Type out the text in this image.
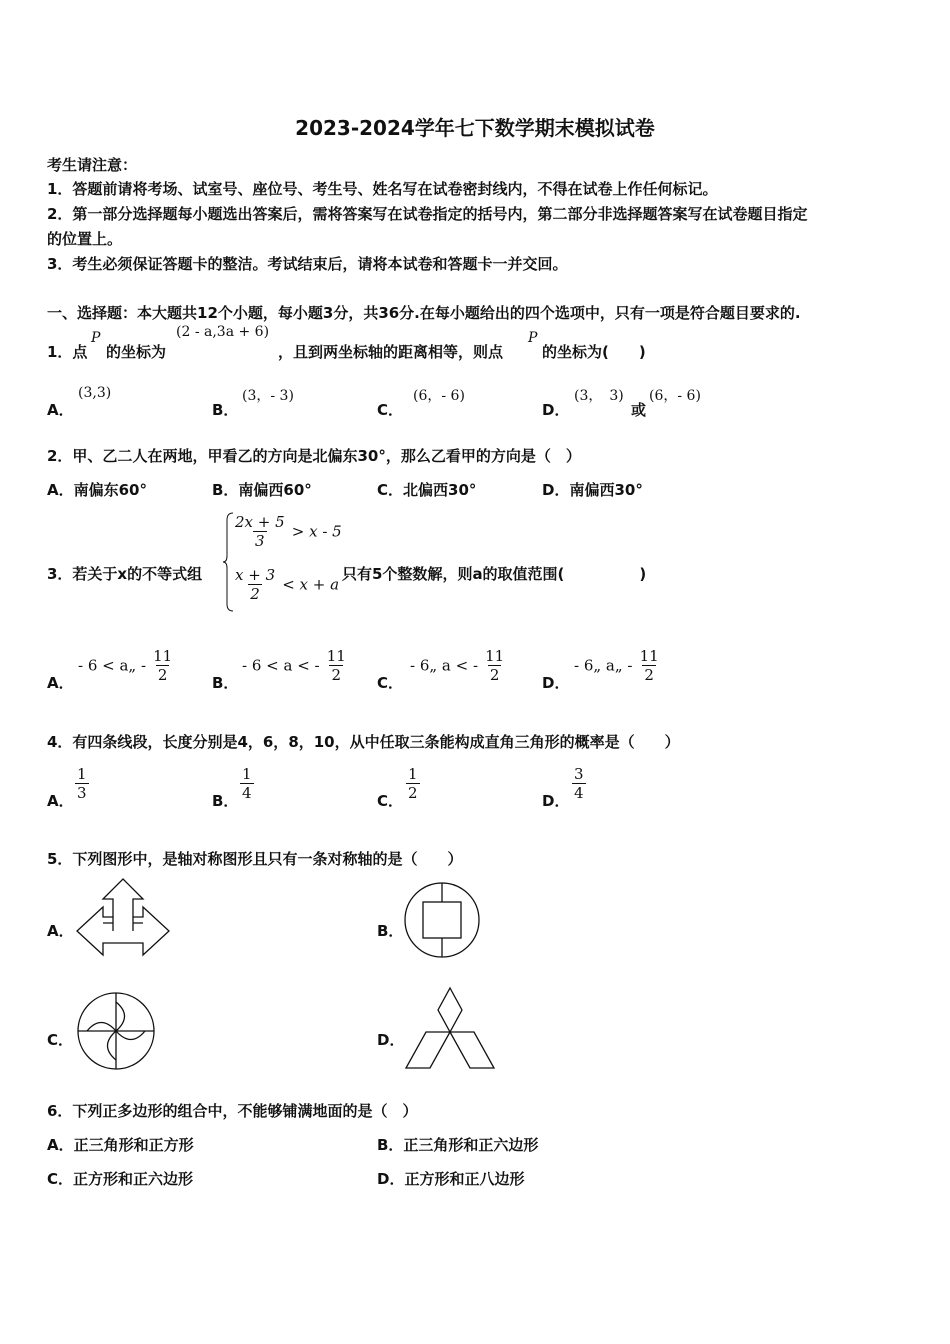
2023-2024学年七下数学期末模拟试卷
考生请注意：
1．答题前请将考场、试室号、座位号、考生号、姓名写在试卷密封线内，不得在试卷上作任何标记。
2．第一部分选择题每小题选出答案后，需将答案写在试卷指定的括号内，第二部分非选择题答案写在试卷题目指定
的位置上。
3．考生必须保证答题卡的整洁。考试结束后，请将本试卷和答题卡一并交回。
一、选择题：本大题共12个小题，每小题3分，共36分.在每小题给出的四个选项中，只有一项是符合题目要求的.
1．点
P
的坐标为
(2 - a,3a + 6)
，且到两坐标轴的距离相等，则点
P
的坐标为(　　)
A．
(3,3)
B．
(3，- 3)
C．
(6，- 6)
D．
(3，　3)
或
(6，- 6)
2．甲、乙二人在两地，甲看乙的方向是北偏东30°，那么乙看甲的方向是（　）
A．南偏东60°	B．南偏西60°	C．北偏西30°	D．南偏西30°
3．若关于x的不等式组
$\frac{2x + 5}{3} > x - 5$
$\frac{x + 3}{2} < x + a$
只有5个整数解，则a的取值范围(　　　　　)
A．
- 6 < a„ - $\frac{11}{2}$	B．
- 6 < a < - $\frac{11}{2}$ C．
- 6„ a < - $\frac{11}{2}$ D．
- 6„ a„ - $\frac{11}{2}$
4．有四条线段，长度分别是4，6，8，10，从中任取三条能构成直角三角形的概率是（　　）
A． $\frac{1}{3}$	B． $\frac{1}{4}$	C． $\frac{1}{2}$	D． $\frac{3}{4}$
5．下列图形中，是轴对称图形且只有一条对称轴的是（　　）
A．	B．
C．	D．
6．下列正多边形的组合中，不能够铺满地面的是（　）
A．正三角形和正方形	B．正三角形和正六边形
C．正方形和正六边形	D．正方形和正八边形
